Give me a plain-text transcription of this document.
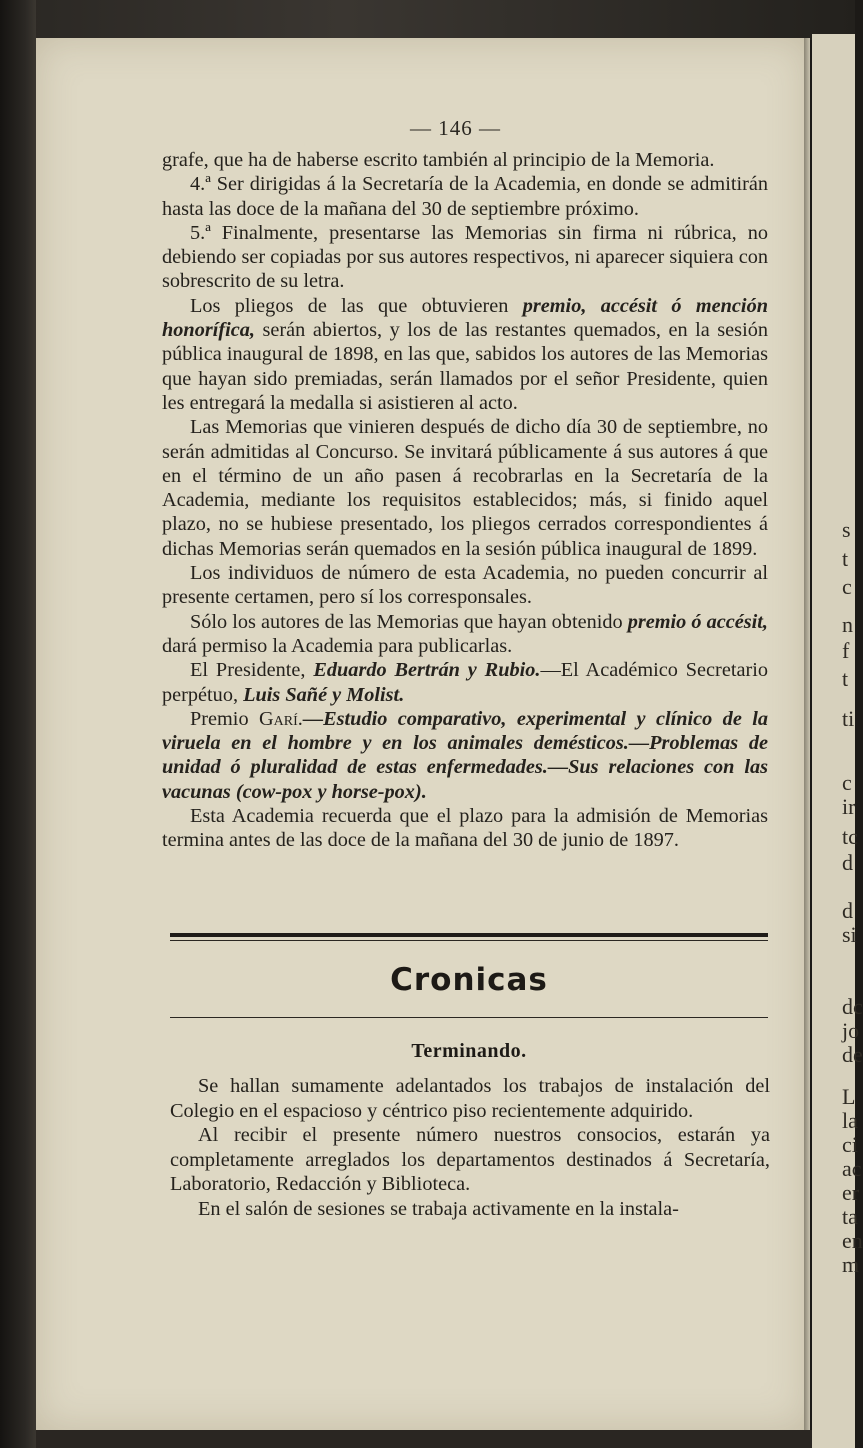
s
t
c
n
f
t
ti
c
ir
tc
d
d
si
dc
jo
de
L
la
ci
ac
er
ta
en
m
— 146 —

grafe, que ha de haberse escrito también al principio de la Memoria.

4.ª Ser dirigidas á la Secretaría de la Academia, en donde se admitirán hasta las doce de la mañana del 30 de septiembre próximo.

5.ª Finalmente, presentarse las Memorias sin firma ni rúbrica, no debiendo ser copiadas por sus autores respectivos, ni aparecer siquiera con sobrescrito de su letra.

Los pliegos de las que obtuvieren premio, accésit ó mención honorífica, serán abiertos, y los de las restantes quemados, en la sesión pública inaugural de 1898, en las que, sabidos los autores de las Memorias que hayan sido premiadas, serán llamados por el señor Presidente, quien les entregará la medalla si asistieren al acto.

Las Memorias que vinieren después de dicho día 30 de septiembre, no serán admitidas al Concurso. Se invitará públicamente á sus autores á que en el término de un año pasen á recobrarlas en la Secretaría de la Academia, mediante los requisitos establecidos; más, si finido aquel plazo, no se hubiese presentado, los pliegos cerrados correspondientes á dichas Memorias serán quemados en la sesión pública inaugural de 1899.

Los individuos de número de esta Academia, no pueden concurrir al presente certamen, pero sí los corresponsales.

Sólo los autores de las Memorias que hayan obtenido premio ó accésit, dará permiso la Academia para publicarlas.

El Presidente, Eduardo Bertrán y Rubio.—El Académico Secretario perpétuo, Luis Sañé y Molist.

Premio Garí.—Estudio comparativo, experimental y clínico de la viruela en el hombre y en los animales demésticos.—Problemas de unidad ó pluralidad de estas enfermedades.—Sus relaciones con las vacunas (cow-pox y horse-pox).

Esta Academia recuerda que el plazo para la admisión de Memorias termina antes de las doce de la mañana del 30 de junio de 1897.

Cronicas
Terminando.

Se hallan sumamente adelantados los trabajos de instalación del Colegio en el espacioso y céntrico piso recientemente adquirido.

Al recibir el presente número nuestros consocios, estarán ya completamente arreglados los departamentos destinados á Secretaría, Laboratorio, Redacción y Biblioteca.

En el salón de sesiones se trabaja activamente en la instala-
